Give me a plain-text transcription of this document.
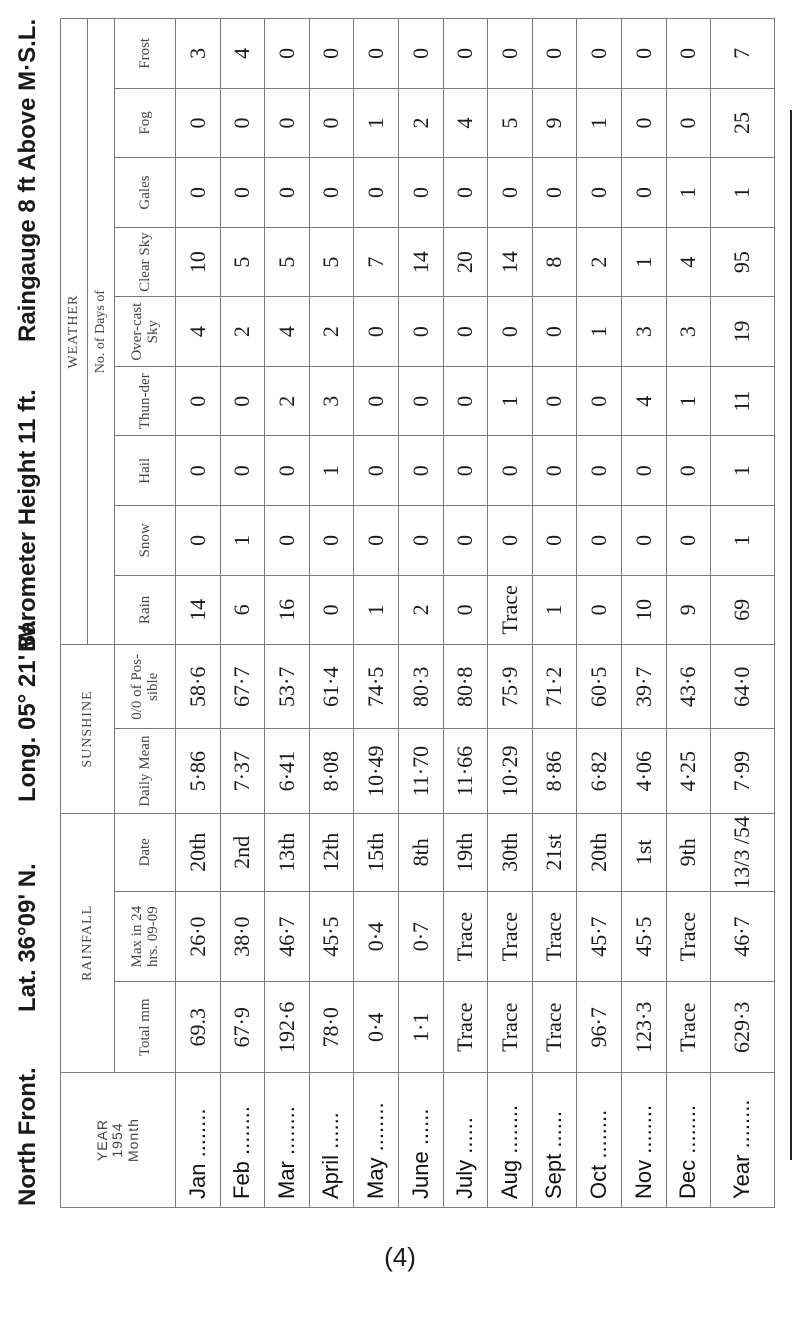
North Front.
Lat. 36°09' N.
Long. 05° 21' W.
Barometer Height 11 ft.
Raingauge 8 ft Above M·S.L.
YEAR 1954 Month	RAINFALL			SUNSHINE		WEATHER								
						No. of Days of								
	Total mm	Max in 24 hrs. 09-09	Date	Daily Mean	0/0 of Pos-sible	Rain	Snow	Hail	Thun-der	Over-cast Sky	Clear Sky	Gales	Fog	Frost
Jan ........	69.3	26·0	20th	5·86	58·6	14	0	0	0	4	10	0	0	3
Feb ........	67·9	38·0	2nd	7·37	67·7	6	1	0	0	2	5	0	0	4
Mar ........	192·6	46·7	13th	6·41	53·7	16	0	0	2	4	5	0	0	0
April ......	78·0	45·5	12th	8·08	61·4	0	0	1	3	2	5	0	0	0
May ........	0·4	0·4	15th	10·49	74·5	1	0	0	0	0	7	0	1	0
June ......	1·1	0·7	8th	11·70	80·3	2	0	0	0	0	14	0	2	0
July ......	Trace	Trace	19th	11·66	80·8	0	0	0	0	0	20	0	4	0
Aug ........	Trace	Trace	30th	10·29	75·9	Trace	0	0	1	0	14	0	5	0
Sept ......	Trace	Trace	21st	8·86	71·2	1	0	0	0	0	8	0	9	0
Oct ........	96·7	45·7	20th	6·82	60·5	0	0	0	0	1	2	0	1	0
Nov ........	123·3	45·5	1st	4·06	39·7	10	0	0	4	3	1	0	0	0
Dec ........	Trace	Trace	9th	4·25	43·6	9	0	0	1	3	4	1	0	0
Year ........	629·3	46·7	13/3 /54	7·99	64·0	69	1	1	11	19	95	1	25	7
(4)
